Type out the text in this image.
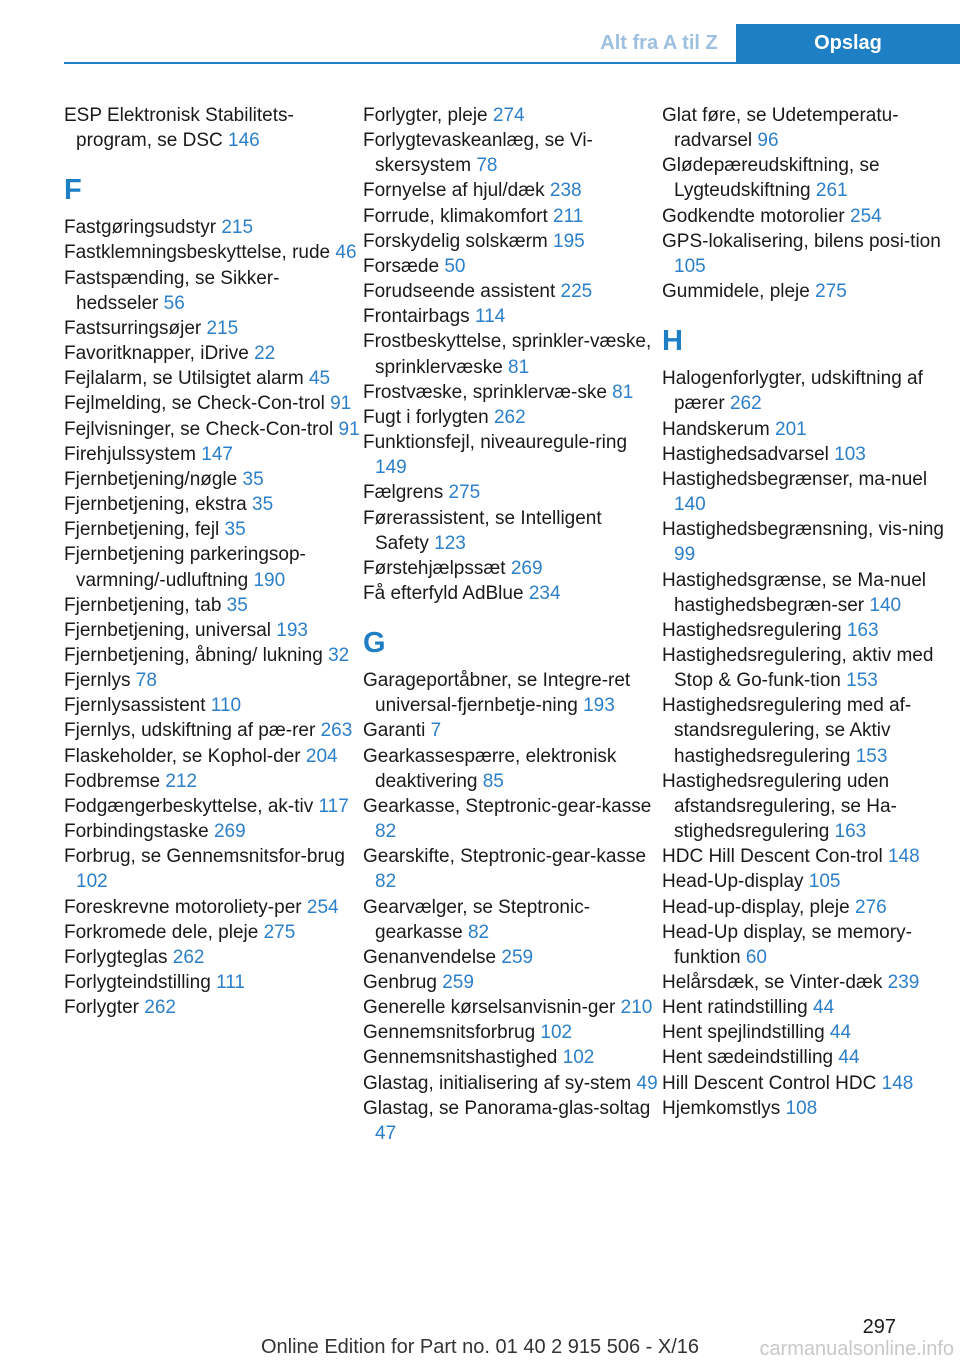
Alt fra A til Z	Opslag

ESP Elektronisk Stabilitets-program, se DSC 146

F

Fastgøringsudstyr 215

Fastklemningsbeskyttelse, rude 46

Fastspænding, se Sikker-hedsseler 56

Fastsurringsøjer 215

Favoritknapper, iDrive 22

Fejlalarm, se Utilsigtet alarm 45

Fejlmelding, se Check-Con-trol 91

Fejlvisninger, se Check-Con-trol 91

Firehjulssystem 147

Fjernbetjening/nøgle 35

Fjernbetjening, ekstra 35

Fjernbetjening, fejl 35

Fjernbetjening parkeringsop-varmning/-udluftning 190

Fjernbetjening, tab 35

Fjernbetjening, universal 193

Fjernbetjening, åbning/ lukning 32

Fjernlys 78

Fjernlysassistent 110

Fjernlys, udskiftning af pæ-rer 263

Flaskeholder, se Kophol-der 204

Fodbremse 212

Fodgængerbeskyttelse, ak-tiv 117

Forbindingstaske 269

Forbrug, se Gennemsnitsfor-brug 102

Foreskrevne motoroliety-per 254

Forkromede dele, pleje 275

Forlygteglas 262

Forlygteindstilling 111

Forlygter 262

Forlygter, pleje 274

Forlygtevaskeanlæg, se Vi-skersystem 78

Fornyelse af hjul/dæk 238

Forrude, klimakomfort 211

Forskydelig solskærm 195

Forsæde 50

Forudseende assistent 225

Frontairbags 114

Frostbeskyttelse, sprinkler-væske, sprinklervæske 81

Frostvæske, sprinklervæ-ske 81

Fugt i forlygten 262

Funktionsfejl, niveauregule-ring 149

Fælgrens 275

Førerassistent, se Intelligent Safety 123

Førstehjælpssæt 269

Få efterfyld AdBlue 234

G

Garageportåbner, se Integre-ret universal-fjernbetje-ning 193

Garanti 7

Gearkassespærre, elektronisk deaktivering 85

Gearkasse, Steptronic-gear-kasse 82

Gearskifte, Steptronic-gear-kasse 82

Gearvælger, se Steptronic-gearkasse 82

Genanvendelse 259

Genbrug 259

Generelle kørselsanvisnin-ger 210

Gennemsnitsforbrug 102

Gennemsnitshastighed 102

Glastag, initialisering af sy-stem 49

Glastag, se Panorama-glas-soltag 47

Glat føre, se Udetemperatu-radvarsel 96

Glødepæreudskiftning, se Lygteudskiftning 261

Godkendte motorolier 254

GPS-lokalisering, bilens posi-tion 105

Gummidele, pleje 275

H

Halogenforlygter, udskiftning af pærer 262

Handskerum 201

Hastighedsadvarsel 103

Hastighedsbegrænser, ma-nuel 140

Hastighedsbegrænsning, vis-ning 99

Hastighedsgrænse, se Ma-nuel hastighedsbegræn-ser 140

Hastighedsregulering 163

Hastighedsregulering, aktiv med Stop & Go-funk-tion 153

Hastighedsregulering med af-standsregulering, se Aktiv hastighedsregulering 153

Hastighedsregulering uden afstandsregulering, se Ha-stighedsregulering 163

HDC Hill Descent Con-trol 148

Head-Up-display 105

Head-up-display, pleje 276

Head-Up display, se memory-funktion 60

Helårsdæk, se Vinter-dæk 239

Hent ratindstilling 44

Hent spejlindstilling 44

Hent sædeindstilling 44

Hill Descent Control HDC 148

Hjemkomstlys 108

297
Online Edition for Part no. 01 40 2 915 506 - X/16	carmanualsonline.info
